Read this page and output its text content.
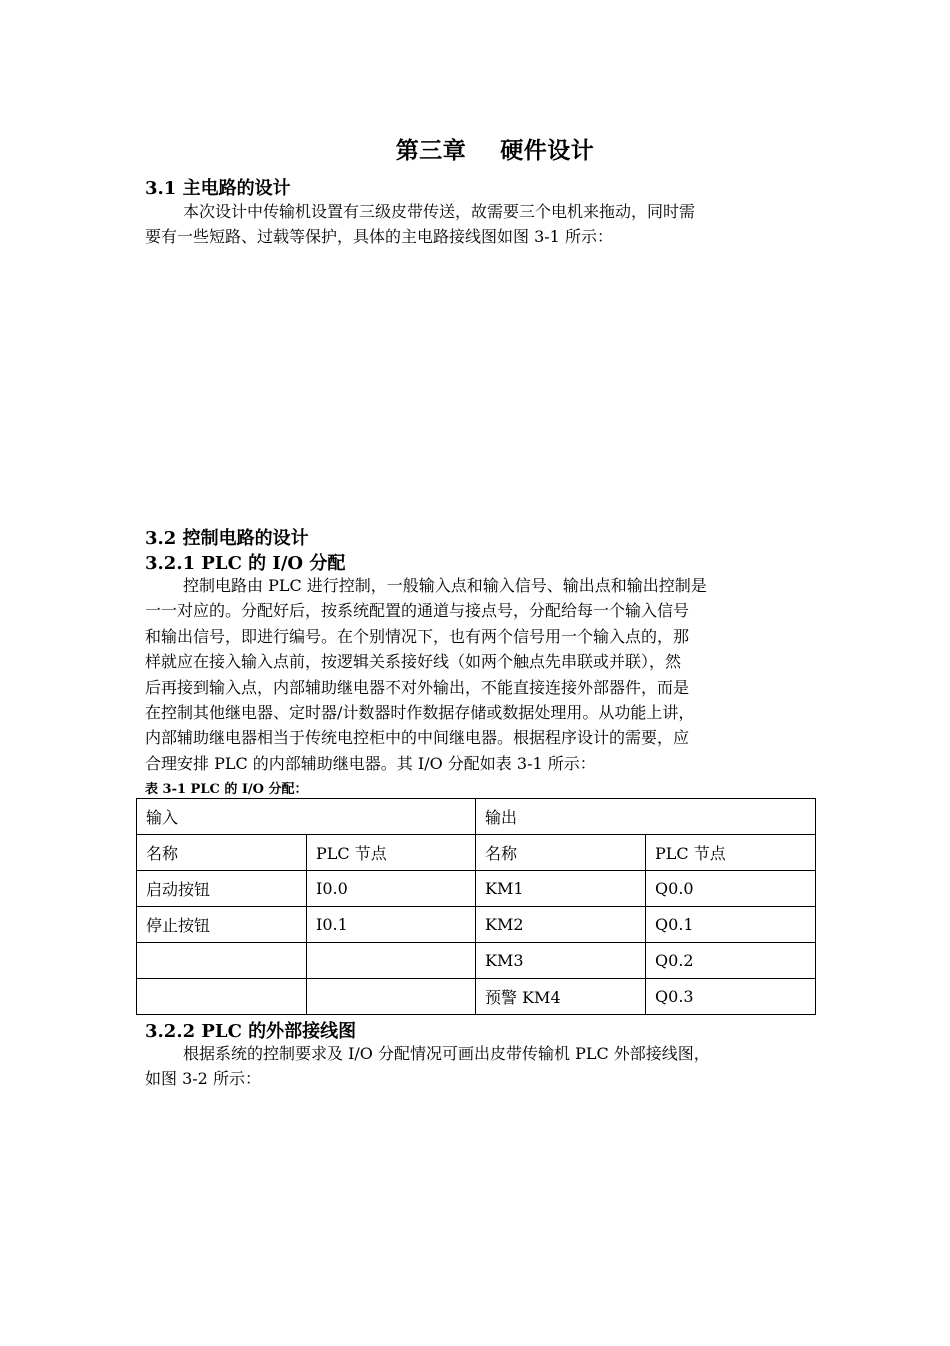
第三章    硬件设计
3.1 主电路的设计
本次设计中传输机设置有三级皮带传送，故需要三个电机来拖动，同时需
要有一些短路、过载等保护，具体的主电路接线图如图 3-1 所示：
3.2 控制电路的设计
3.2.1 PLC 的 I/O 分配
控制电路由 PLC 进行控制，一般输入点和输入信号、输出点和输出控制是
一一对应的。分配好后，按系统配置的通道与接点号，分配给每一个输入信号
和输出信号，即进行编号。在个别情况下，也有两个信号用一个输入点的，那
样就应在接入输入点前，按逻辑关系接好线（如两个触点先串联或并联），然
后再接到输入点，内部辅助继电器不对外输出，不能直接连接外部器件，而是
在控制其他继电器、定时器/计数器时作数据存储或数据处理用。从功能上讲，
内部辅助继电器相当于传统电控柜中的中间继电器。根据程序设计的需要，应
合理安排 PLC 的内部辅助继电器。其 I/O 分配如表 3-1 所示：
表 3-1 PLC 的 I/O 分配：
输入		输出	
名称	PLC 节点	名称	PLC 节点
启动按钮	I0.0	KM1	Q0.0
停止按钮	I0.1	KM2	Q0.1
		KM3	Q0.2
		预警 KM4	Q0.3
3.2.2 PLC 的外部接线图
根据系统的控制要求及 I/O 分配情况可画出皮带传输机 PLC 外部接线图，
如图 3-2 所示：
